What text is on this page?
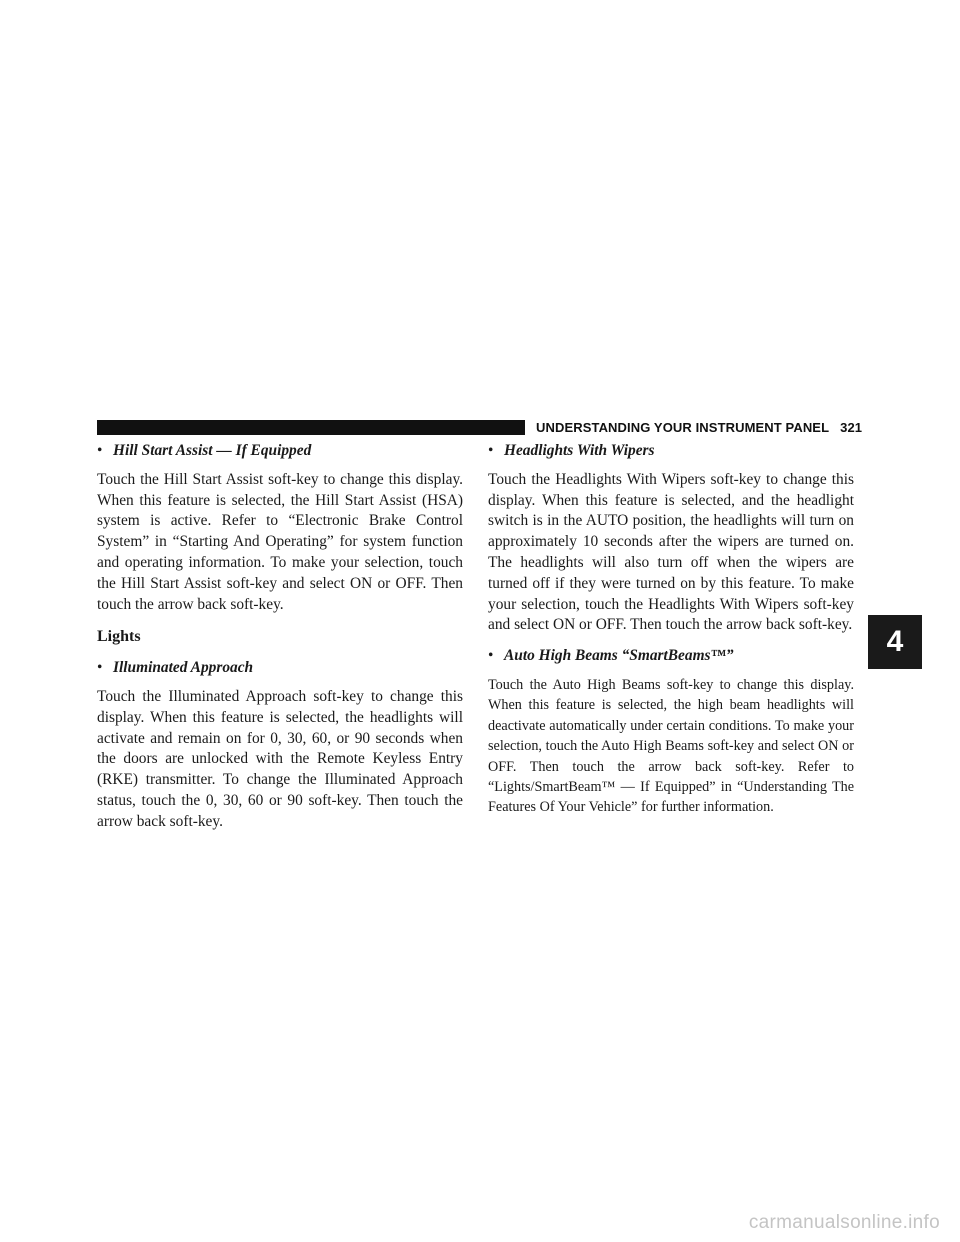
UNDERSTANDING YOUR INSTRUMENT PANEL 321
• Hill Start Assist — If Equipped

Touch the Hill Start Assist soft-key to change this display. When this feature is selected, the Hill Start Assist (HSA) system is active. Refer to “Electronic Brake Control System” in “Starting And Operating” for system function and operating information. To make your selection, touch the Hill Start Assist soft-key and select ON or OFF. Then touch the arrow back soft-key.

Lights
• Illuminated Approach

Touch the Illuminated Approach soft-key to change this display. When this feature is selected, the headlights will activate and remain on for 0, 30, 60, or 90 seconds when the doors are unlocked with the Remote Keyless Entry (RKE) transmitter. To change the Illuminated Approach status, touch the 0, 30, 60 or 90 soft-key. Then touch the arrow back soft-key.

• Headlights With Wipers

Touch the Headlights With Wipers soft-key to change this display. When this feature is selected, and the headlight switch is in the AUTO position, the headlights will turn on approximately 10 seconds after the wipers are turned on. The headlights will also turn off when the wipers are turned off if they were turned on by this feature. To make your selection, touch the Headlights With Wipers soft-key and select ON or OFF. Then touch the arrow back soft-key.

• Auto High Beams “SmartBeams™”

Touch the Auto High Beams soft-key to change this display. When this feature is selected, the high beam headlights will deactivate automatically under certain conditions. To make your selection, touch the Auto High Beams soft-key and select ON or OFF. Then touch the arrow back soft-key. Refer to “Lights/SmartBeam™ — If Equipped” in “Understanding The Features Of Your Vehicle” for further information.

4
carmanualsonline.info
